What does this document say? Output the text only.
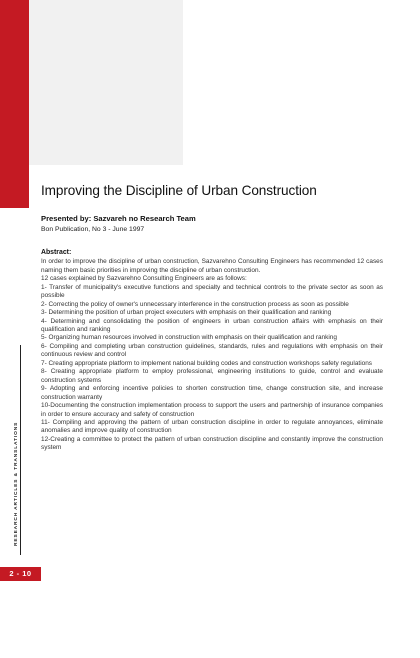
RESEARCH ARTICLES & TRANSLATIONS
2 - 10
Improving the Discipline of Urban Construction
Presented by: Sazvareh no Research Team
Bon Publication, No 3 - June 1997
Abstract:

In order to improve the discipline of urban construction, Sazvarehno Consulting Engineers has recommended 12 cases naming them basic priorities in improving the discipline of urban construction.

12 cases explained by Sazvarehno Consulting Engineers are as follows:

1- Transfer of municipality's executive functions and specialty and technical controls to the private sector as soon as possible

2- Correcting the policy of owner's unnecessary interference in the construction process as soon as possible

3- Determining the position of urban project executers with emphasis on their qualification and ranking

4- Determining and consolidating the position of engineers in urban construction affairs with emphasis on their qualification and ranking

5- Organizing human resources involved in construction with emphasis on their qualification and ranking

6- Compiling and completing urban construction guidelines, standards, rules and regulations with emphasis on their continuous review and control

7- Creating appropriate platform to implement national building codes and construction workshops safety regulations

8- Creating appropriate platform to employ professional, engineering institutions to guide, control and evaluate construction systems

9- Adopting and enforcing incentive policies to shorten construction time, change construction site, and increase construction warranty

10-Documenting the construction implementation process to support the users and partnership of insurance companies in order to ensure accuracy and safety of construction

11- Compiling and approving the pattern of urban construction discipline in order to regulate annoyances, eliminate anomalies and improve quality of construction

12-Creating a committee to protect the pattern of urban construction discipline and constantly improve the construction system
